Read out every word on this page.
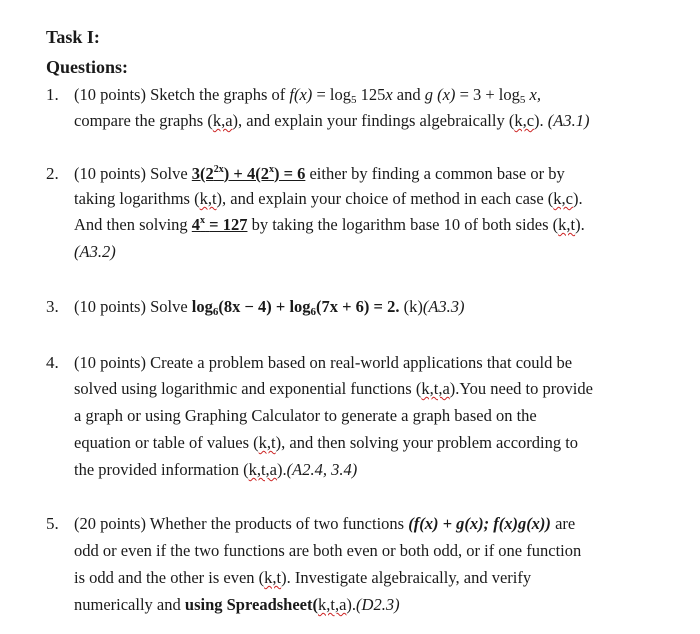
Task I:
Questions:
1. (10 points) Sketch the graphs of $f(x) = \log_5 125x$ and g $(x) = 3 + \log_5 x$,
compare the graphs (k,a), and explain your findings algebraically (k,c). (A3.1)
2. (10 points) Solve $3(2^{2x}) + 4(2^x) = 6$ either by finding a common base or by
taking logarithms (k,t), and explain your choice of method in each case (k,c).
And then solving $4^x = 127$ by taking the logarithm base 10 of both sides (k,t).
(A3.2)
3. (10 points) Solve $\log_6(8x - 4) + \log_6(7x + 6) = 2$. (k)(A3.3)
4. (10 points) Create a problem based on real-world applications that could be
solved using logarithmic and exponential functions (k,t,a).You need to provide
a graph or using Graphing Calculator to generate a graph based on the
equation or table of values (k,t), and then solving your problem according to
the provided information (k,t,a).(A2.4, 3.4)
5. (20 points) Whether the products of two functions (f(x) + g(x); f(x)g(x)) are
odd or even if the two functions are both even or both odd, or if one function
is odd and the other is even (k,t). Investigate algebraically, and verify
numerically and using Spreadsheet(k,t,a).(D2.3)
